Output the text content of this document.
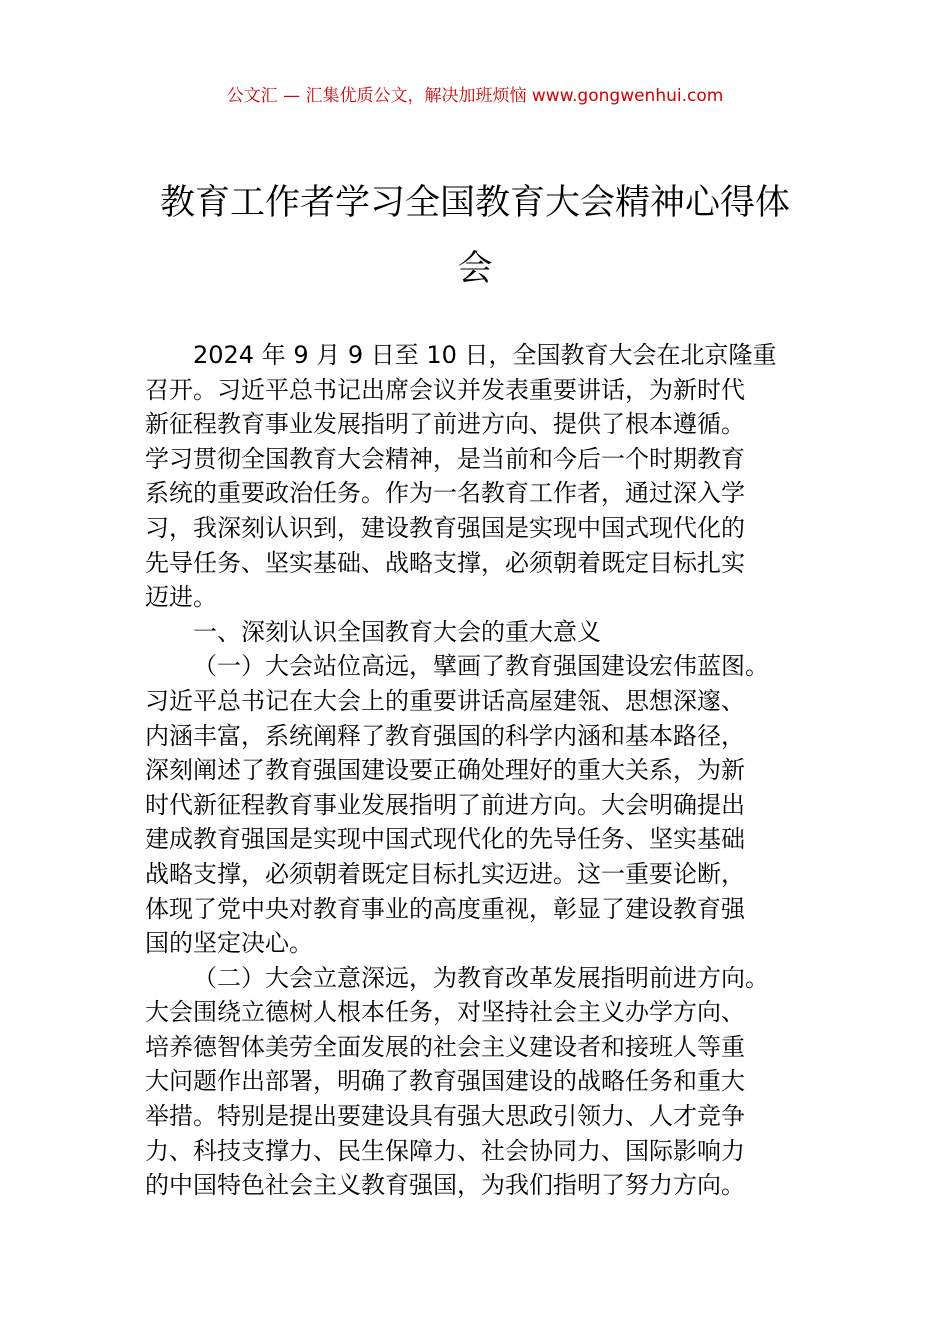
公文汇 — 汇集优质公文，解决加班烦恼 www.gongwenhui.com
教育工作者学习全国教育大会精神心得体
会

2024 年 9 月 9 日至 10 日，全国教育大会在北京隆重
召开。习近平总书记出席会议并发表重要讲话，为新时代
新征程教育事业发展指明了前进方向、提供了根本遵循。
学习贯彻全国教育大会精神，是当前和今后一个时期教育
系统的重要政治任务。作为一名教育工作者，通过深入学
习，我深刻认识到，建设教育强国是实现中国式现代化的
先导任务、坚实基础、战略支撑，必须朝着既定目标扎实
迈进。

一、深刻认识全国教育大会的重大意义

（一）大会站位高远，擘画了教育强国建设宏伟蓝图。
习近平总书记在大会上的重要讲话高屋建瓴、思想深邃、
内涵丰富，系统阐释了教育强国的科学内涵和基本路径，
深刻阐述了教育强国建设要正确处理好的重大关系，为新
时代新征程教育事业发展指明了前进方向。大会明确提出
建成教育强国是实现中国式现代化的先导任务、坚实基础
战略支撑，必须朝着既定目标扎实迈进。这一重要论断，
体现了党中央对教育事业的高度重视，彰显了建设教育强
国的坚定决心。

（二）大会立意深远，为教育改革发展指明前进方向。
大会围绕立德树人根本任务，对坚持社会主义办学方向、
培养德智体美劳全面发展的社会主义建设者和接班人等重
大问题作出部署，明确了教育强国建设的战略任务和重大
举措。特别是提出要建设具有强大思政引领力、人才竞争
力、科技支撑力、民生保障力、社会协同力、国际影响力
的中国特色社会主义教育强国，为我们指明了努力方向。
